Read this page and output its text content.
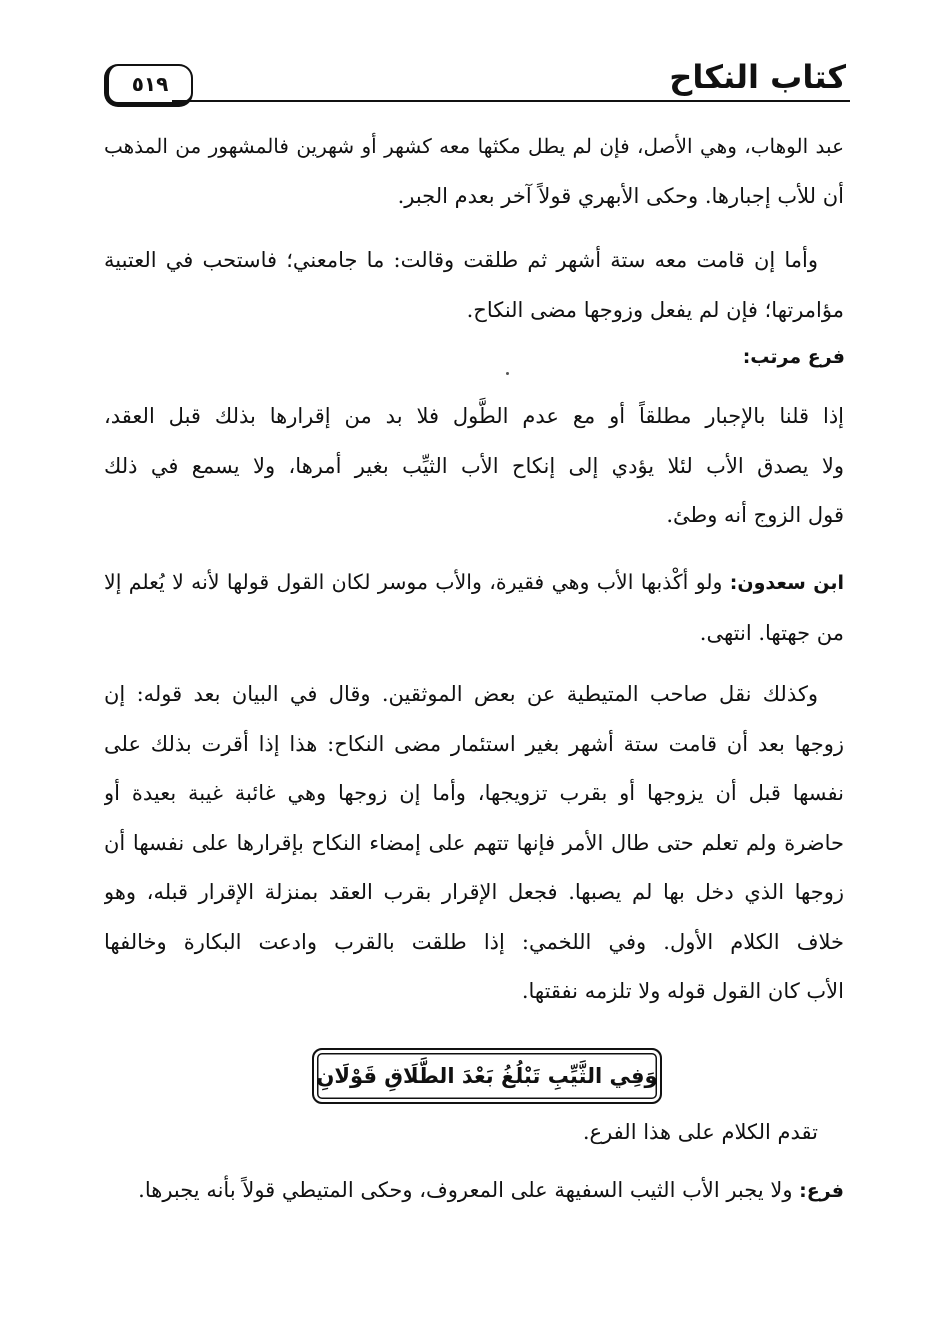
كتاب النكاح
٥١٩
عبد الوهاب، وهي الأصل، فإن لم يطل مكثها معه كشهر أو شهرين فالمشهور من المذهب
أن للأب إجبارها. وحكى الأبهري قولاً آخر بعدم الجبر.
وأما إن قامت معه ستة أشهر ثم طلقت وقالت: ما جامعني؛ فاستحب في العتبية
مؤامرتها؛ فإن لم يفعل وزوجها مضى النكاح.
فرع مرتب:
إذا قلنا بالإجبار مطلقاً أو مع عدم الطَّول فلا بد من إقرارها بذلك قبل العقد،
ولا يصدق الأب لئلا يؤدي إلى إنكاح الأب الثيِّب بغير أمرها، ولا يسمع في ذلك
قول الزوج أنه وطئ.
ابن سعدون: ولو أكْذبها الأب وهي فقيرة، والأب موسر لكان القول قولها لأنه لا يُعلم إلا
من جهتها. انتهى.
وكذلك نقل صاحب المتيطية عن بعض الموثقين. وقال في البيان بعد قوله: إن
زوجها بعد أن قامت ستة أشهر بغير استئمار مضى النكاح: هذا إذا أقرت بذلك على
نفسها قبل أن يزوجها أو بقرب تزويجها، وأما إن زوجها وهي غائبة غيبة بعيدة أو
حاضرة ولم تعلم حتى طال الأمر فإنها تتهم على إمضاء النكاح بإقرارها على نفسها أن
زوجها الذي دخل بها لم يصبها. فجعل الإقرار بقرب العقد بمنزلة الإقرار قبله، وهو
خلاف الكلام الأول. وفي اللخمي: إذا طلقت بالقرب وادعت البكارة وخالفها
الأب كان القول قوله ولا تلزمه نفقتها.
وَفِي الثَّيِّبِ تَبْلُغُ بَعْدَ الطَّلَاقِ قَوْلَانِ
تقدم الكلام على هذا الفرع.
فرع: ولا يجبر الأب الثيب السفيهة على المعروف، وحكى المتيطي قولاً بأنه يجبرها.
